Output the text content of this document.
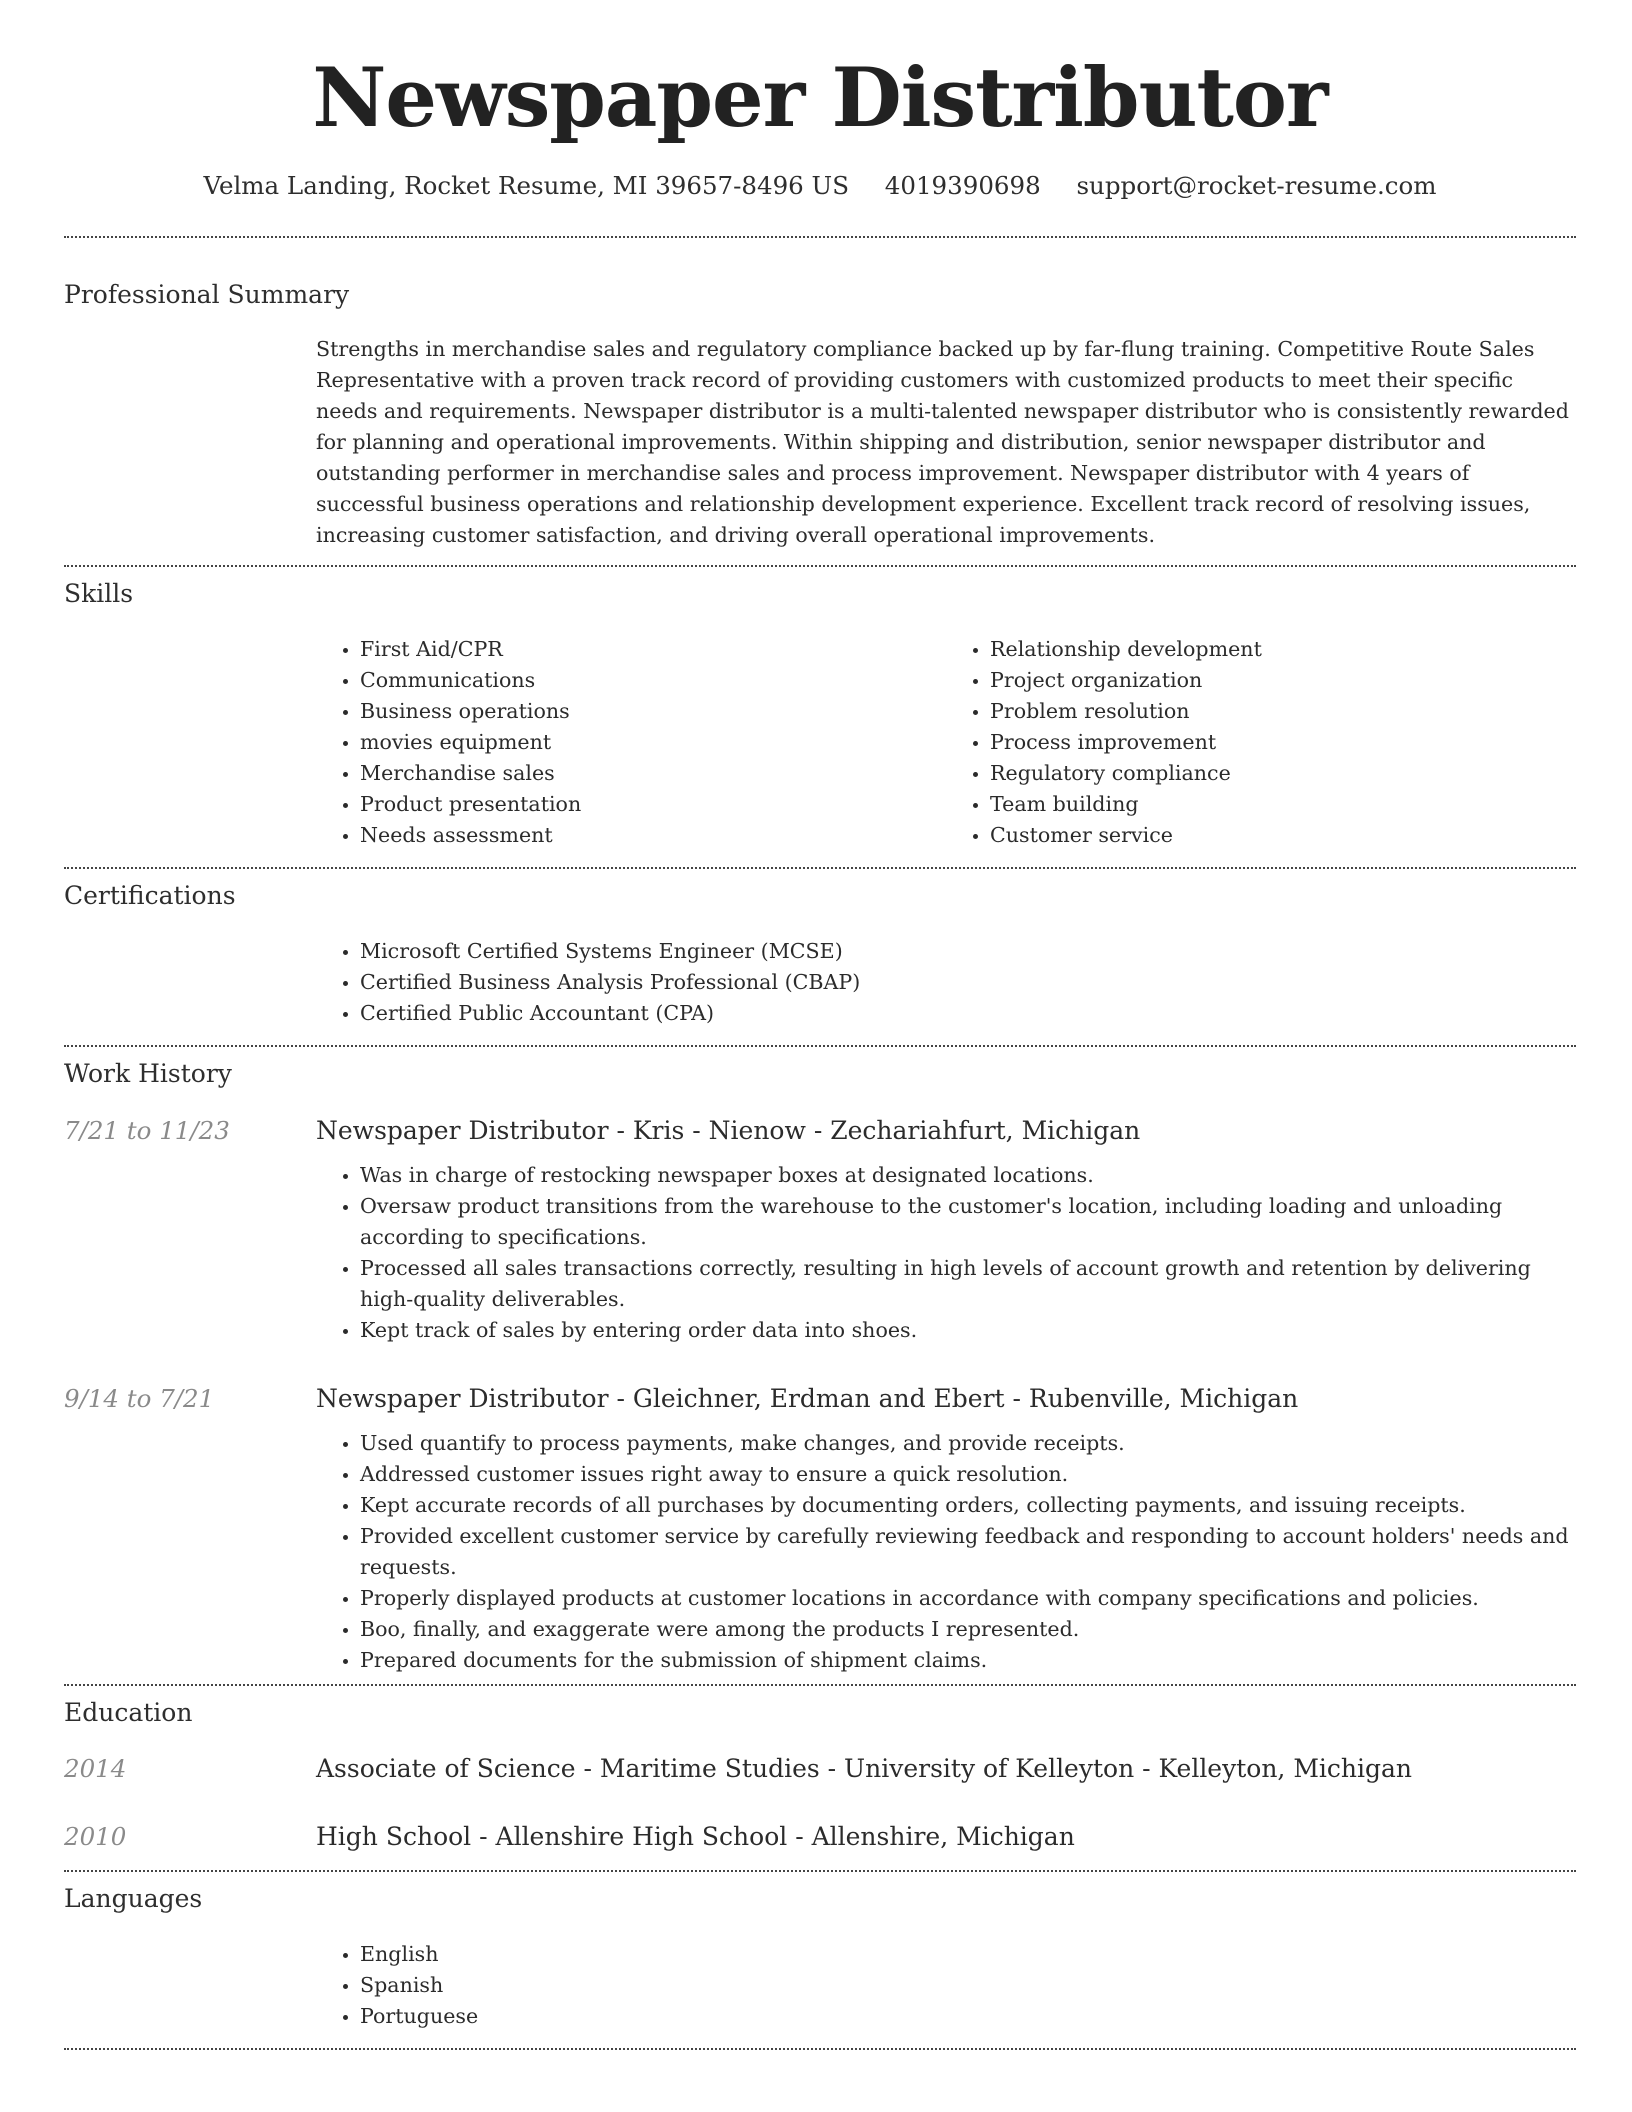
Newspaper Distributor
Velma Landing, Rocket Resume, MI 39657-8496 US 4019390698 support@rocket-resume.com
Professional Summary
Strengths in merchandise sales and regulatory compliance backed up by far-flung training. Competitive Route Sales Representative with a proven track record of providing customers with customized products to meet their specific needs and requirements. Newspaper distributor is a multi-talented newspaper distributor who is consistently rewarded for planning and operational improvements. Within shipping and distribution, senior newspaper distributor and outstanding performer in merchandise sales and process improvement. Newspaper distributor with 4 years of successful business operations and relationship development experience. Excellent track record of resolving issues, increasing customer satisfaction, and driving overall operational improvements.
Skills
• First Aid/CPR
• Communications
• Business operations
• movies equipment
• Merchandise sales
• Product presentation
• Needs assessment
• Relationship development
• Project organization
• Problem resolution
• Process improvement
• Regulatory compliance
• Team building
• Customer service
Certifications
• Microsoft Certified Systems Engineer (MCSE)
• Certified Business Analysis Professional (CBAP)
• Certified Public Accountant (CPA)
Work History
7/21 to 11/23	Newspaper Distributor - Kris - Nienow - Zechariahfurt, Michigan
• Was in charge of restocking newspaper boxes at designated locations.
• Oversaw product transitions from the warehouse to the customer's location, including loading and unloading according to specifications.
• Processed all sales transactions correctly, resulting in high levels of account growth and retention by delivering high-quality deliverables.
• Kept track of sales by entering order data into shoes.
9/14 to 7/21	Newspaper Distributor - Gleichner, Erdman and Ebert - Rubenville, Michigan
• Used quantify to process payments, make changes, and provide receipts.
• Addressed customer issues right away to ensure a quick resolution.
• Kept accurate records of all purchases by documenting orders, collecting payments, and issuing receipts.
• Provided excellent customer service by carefully reviewing feedback and responding to account holders' needs and requests.
• Properly displayed products at customer locations in accordance with company specifications and policies.
• Boo, finally, and exaggerate were among the products I represented.
• Prepared documents for the submission of shipment claims.
Education
2014	Associate of Science - Maritime Studies - University of Kelleyton - Kelleyton, Michigan
2010	High School - Allenshire High School - Allenshire, Michigan
Languages
• English
• Spanish
• Portuguese
